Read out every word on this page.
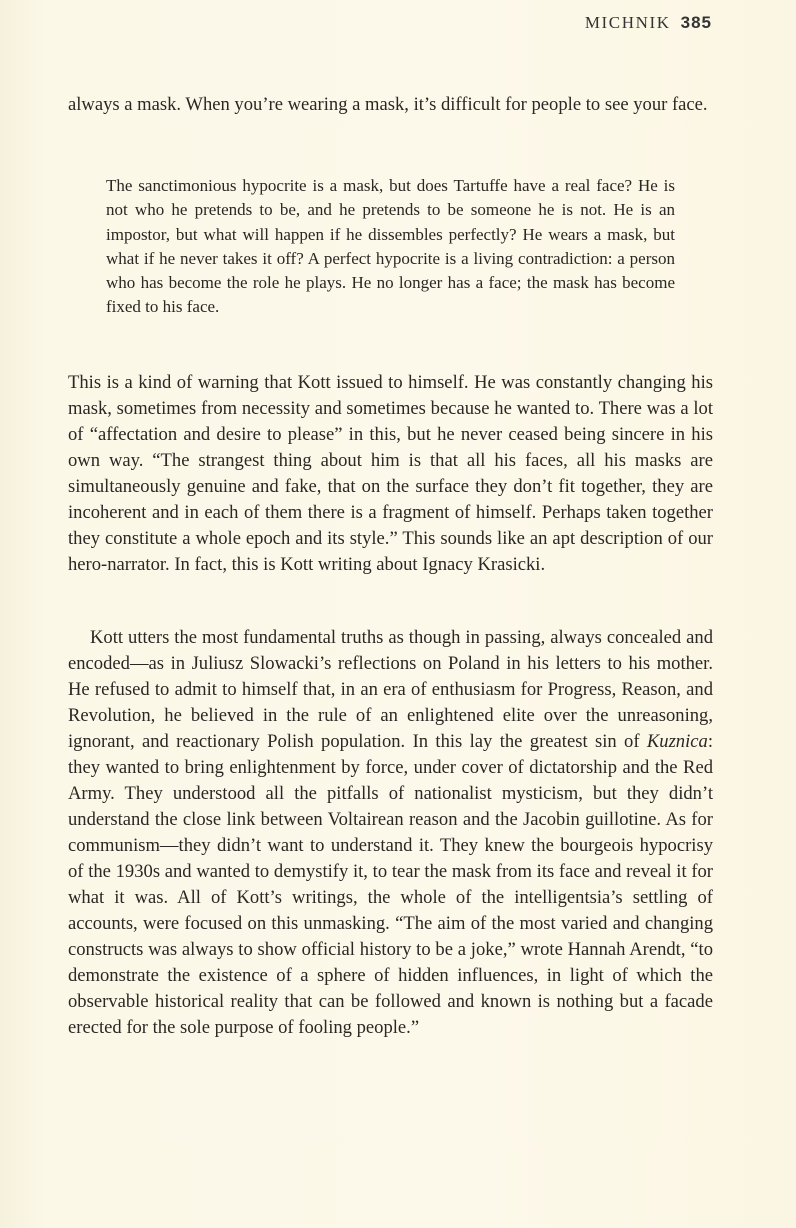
MICHNIK 385

always a mask. When you’re wearing a mask, it’s difficult for people to see your face.

The sanctimonious hypocrite is a mask, but does Tartuffe have a real face? He is not who he pretends to be, and he pretends to be someone he is not. He is an impostor, but what will happen if he dissembles perfectly? He wears a mask, but what if he never takes it off? A perfect hypocrite is a living contradiction: a person who has become the role he plays. He no longer has a face; the mask has become fixed to his face.

This is a kind of warning that Kott issued to himself. He was constantly changing his mask, sometimes from necessity and sometimes because he wanted to. There was a lot of “affectation and desire to please” in this, but he never ceased being sincere in his own way. “The strangest thing about him is that all his faces, all his masks are simultaneously genuine and fake, that on the surface they don’t fit together, they are incoherent and in each of them there is a fragment of himself. Perhaps taken together they constitute a whole epoch and its style.” This sounds like an apt description of our hero-narrator. In fact, this is Kott writing about Ignacy Krasicki.

Kott utters the most fundamental truths as though in passing, always concealed and encoded—as in Juliusz Slowacki’s reflections on Poland in his letters to his mother. He refused to admit to himself that, in an era of enthusiasm for Progress, Reason, and Revolution, he believed in the rule of an enlightened elite over the unreasoning, ignorant, and reactionary Polish population. In this lay the greatest sin of Kuznica: they wanted to bring enlightenment by force, under cover of dictatorship and the Red Army. They understood all the pitfalls of nationalist mysticism, but they didn’t understand the close link between Voltairean reason and the Jacobin guillotine. As for communism—they didn’t want to understand it. They knew the bourgeois hypocrisy of the 1930s and wanted to demystify it, to tear the mask from its face and reveal it for what it was. All of Kott’s writings, the whole of the intelligentsia’s settling of accounts, were focused on this unmasking. “The aim of the most varied and changing constructs was always to show official history to be a joke,” wrote Hannah Arendt, “to demonstrate the existence of a sphere of hidden influences, in light of which the observable historical reality that can be followed and known is nothing but a facade erected for the sole purpose of fooling people.”
